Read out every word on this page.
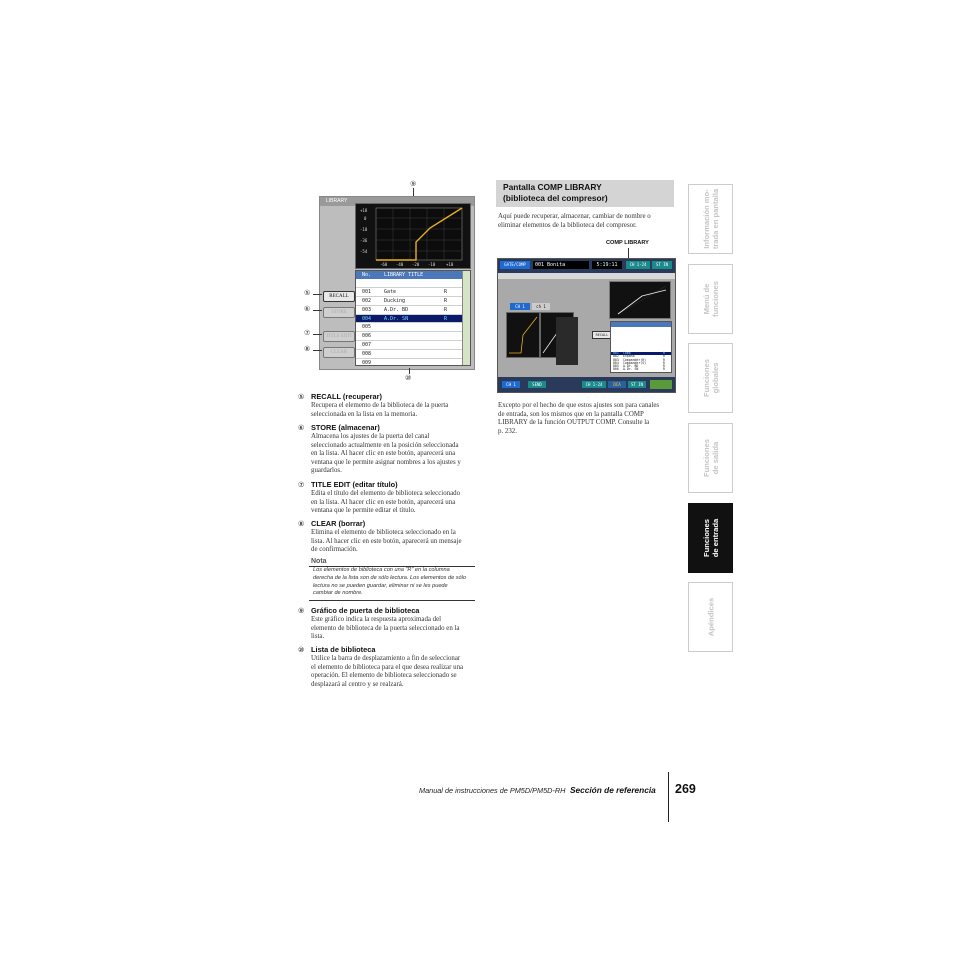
⑨
LIBRARY
+18
0
-18
-36
-54
-60 -40 -20 -10	+10
RECALL
STORE
TITLE EDIT
CLEAR
No.	LIBRARY TITLE
001	Gate	R
002	Ducking	R
003	A.Dr. BD	R
004	A.Dr. SN	R
005
006
007
008
009
⑤
⑥
⑦
⑧
⑩
⑤ RECALL (recuperar)
Recupera el elemento de la biblioteca de la puerta
seleccionada en la lista en la memoria.
⑥ STORE (almacenar)
Almacena los ajustes de la puerta del canal
seleccionado actualmente en la posición seleccionada
en la lista. Al hacer clic en este botón, aparecerá una
ventana que le permite asignar nombres a los ajustes y
guardarlos.
⑦ TITLE EDIT (editar título)
Edita el título del elemento de biblioteca seleccionado
en la lista. Al hacer clic en este botón, aparecerá una
ventana que le permite editar el título.
⑧ CLEAR (borrar)
Elimina el elemento de biblioteca seleccionado en la
lista. Al hacer clic en este botón, aparecerá un mensaje
de confirmación.
Nota
Los elementos de biblioteca con una "R" en la columna
derecha de la lista son de sólo lectura. Los elementos de sólo
lectura no se pueden guardar, eliminar ni se les puede
cambiar de nombre.
⑨ Gráfico de puerta de biblioteca
Este gráfico indica la respuesta aproximada del
elemento de biblioteca de la puerta seleccionado en la
lista.
⑩ Lista de biblioteca
Utilice la barra de desplazamiento a fin de seleccionar
el elemento de biblioteca para el que desea realizar una
operación. El elemento de biblioteca seleccionado se
desplazará al centro y se realzará.
Pantalla COMP LIBRARY
(biblioteca del compresor)
Aquí puede recuperar, almacenar, cambiar de nombre o
eliminar elementos de la biblioteca del compresor.
COMP LIBRARY
GATE/COMP	001 Bonita	5:19:11	CH 1-24	ST IN
CH 1	ch 1
RECALL
001	Comp	R
002	Expand	R
003	Compander(H)	R
004	Compander(S)	R
005	A.Dr. BD	R
006	A.Dr. SN	R
CH 1	SEND	CH 1-24	DCA	ST IN
Excepto por el hecho de que estos ajustes son para canales
de entrada, son los mismos que en la pantalla COMP
LIBRARY de la función OUTPUT COMP. Consulte la
p. 232.
Información mo- trada en pantalla
Menú de funciones
Funciones globales
Funciones de salida
Funciones de entrada
Apéndices
Manual de instrucciones de PM5D/PM5D-RH Sección de referencia 269
